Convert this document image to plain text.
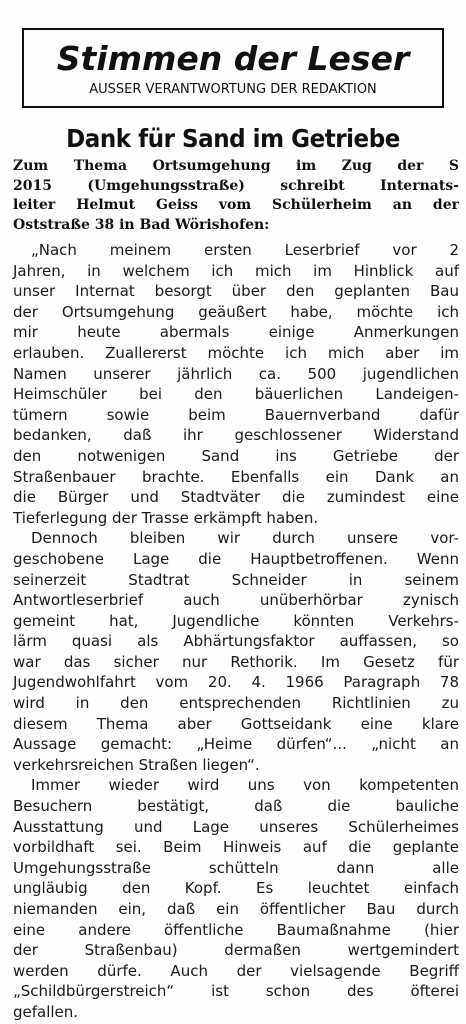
Stimmen der Leser
AUSSER VERANTWORTUNG DER REDAKTION
Dank für Sand im Getriebe
Zum Thema Ortsumgehung im Zug der S
2015 (Umgehungsstraße) schreibt Internats-
leiter Helmut Geiss vom Schülerheim an der
Oststraße 38 in Bad Wörishofen:
„Nach meinem ersten Leserbrief vor 2
Jahren, in welchem ich mich im Hinblick auf
unser Internat besorgt über den geplanten Bau
der Ortsumgehung geäußert habe, möchte ich
mir heute abermals einige Anmerkungen
erlauben. Zuallererst möchte ich mich aber im
Namen unserer jährlich ca. 500 jugendlichen
Heimschüler bei den bäuerlichen Landeigen-
tümern sowie beim Bauernverband dafür
bedanken, daß ihr geschlossener Widerstand
den notwenigen Sand ins Getriebe der
Straßenbauer brachte. Ebenfalls ein Dank an
die Bürger und Stadtväter die zumindest eine
Tieferlegung der Trasse erkämpft haben.
Dennoch bleiben wir durch unsere vor-
geschobene Lage die Hauptbetroffenen. Wenn
seinerzeit Stadtrat Schneider in seinem
Antwortleserbrief auch unüberhörbar zynisch
gemeint hat, Jugendliche könnten Verkehrs-
lärm quasi als Abhärtungsfaktor auffassen, so
war das sicher nur Rethorik. Im Gesetz für
Jugendwohlfahrt vom 20. 4. 1966 Paragraph 78
wird in den entsprechenden Richtlinien zu
diesem Thema aber Gottseidank eine klare
Aussage gemacht: „Heime dürfen“... „nicht an
verkehrsreichen Straßen liegen“.
Immer wieder wird uns von kompetenten
Besuchern bestätigt, daß die bauliche
Ausstattung und Lage unseres Schülerheimes
vorbildhaft sei. Beim Hinweis auf die geplante
Umgehungsstraße schütteln dann alle
ungläubig den Kopf. Es leuchtet einfach
niemanden ein, daß ein öffentlicher Bau durch
eine andere öffentliche Baumaßnahme (hier
der Straßenbau) dermaßen wertgemindert
werden dürfe. Auch der vielsagende Begriff
„Schildbürgerstreich“ ist schon des öfterei
gefallen.
